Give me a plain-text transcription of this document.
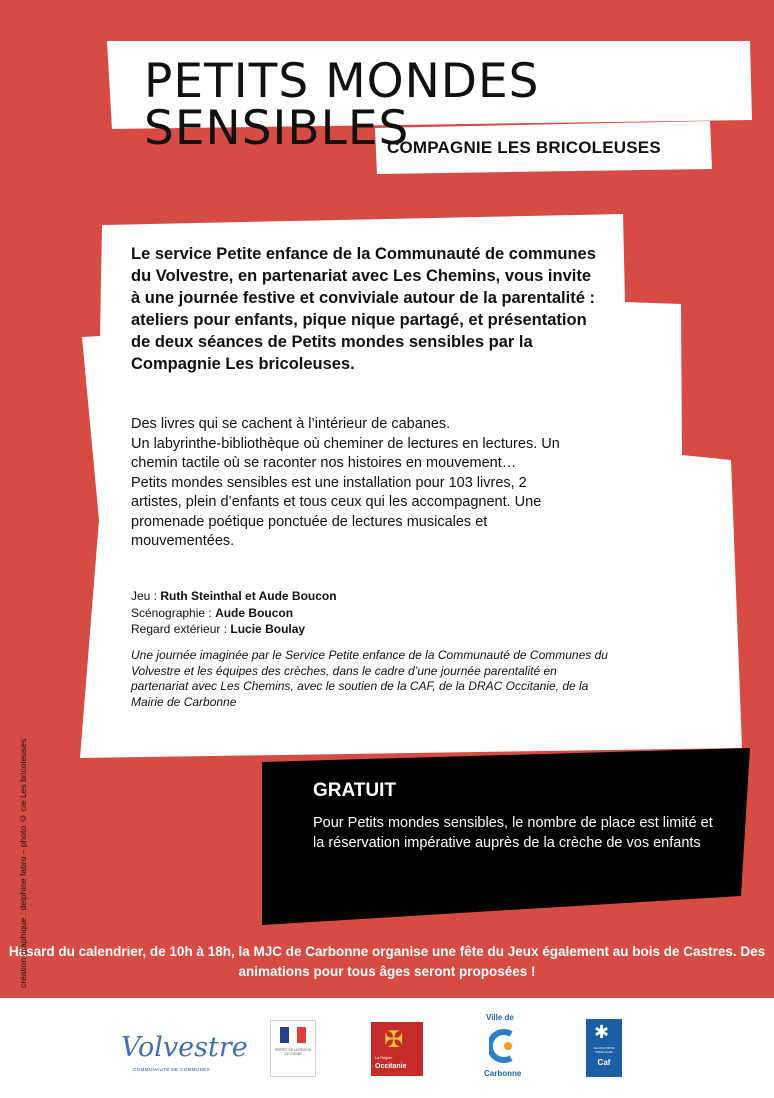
PETITS MONDES SENSIBLES
COMPAGNIE LES BRICOLEUSES
Le service Petite enfance de la Communauté de communes du Volvestre, en partenariat avec Les Chemins, vous invite à une journée festive et conviviale autour de la parentalité : ateliers pour enfants, pique nique partagé, et présentation de deux séances de Petits mondes sensibles par la Compagnie Les bricoleuses.
Des livres qui se cachent à l’intérieur de cabanes.
Un labyrinthe-bibliothèque où cheminer de lectures en lectures. Un chemin tactile où se raconter nos histoires en mouvement…
Petits mondes sensibles est une installation pour 103 livres, 2 artistes, plein d’enfants et tous ceux qui les accompagnent. Une promenade poétique ponctuée de lectures musicales et mouvementées.
Jeu : Ruth Steinthal et Aude Boucon
Scénographie : Aude Boucon
Regard extérieur : Lucie Boulay
Une journée imaginée par le Service Petite enfance de la Communauté de Communes du Volvestre et les équipes des crèches, dans le cadre d’une journée parentalité en partenariat avec Les Chemins, avec le soutien de la CAF, de la DRAC Occitanie, de la Mairie de Carbonne
GRATUIT
Pour Petits mondes sensibles, le nombre de place est limité et la réservation impérative auprès de la crèche de vos enfants
Hasard du calendrier, de 10h à 18h, la MJC de Carbonne organise une fête du Jeux également au bois de Castres. Des animations pour tous âges seront proposées !
création graphique : delphine fabro – photo © cie Les bricoleuses
Volvestre
COMMUNAUTÉ DE COMMUNES
PRÉFET DE LA RÉGION OCCITANIE
✠
La Région
Occitanie
Ville de
Carbonne
✱
ALLOCATIONS FAMILIALES
Caf
